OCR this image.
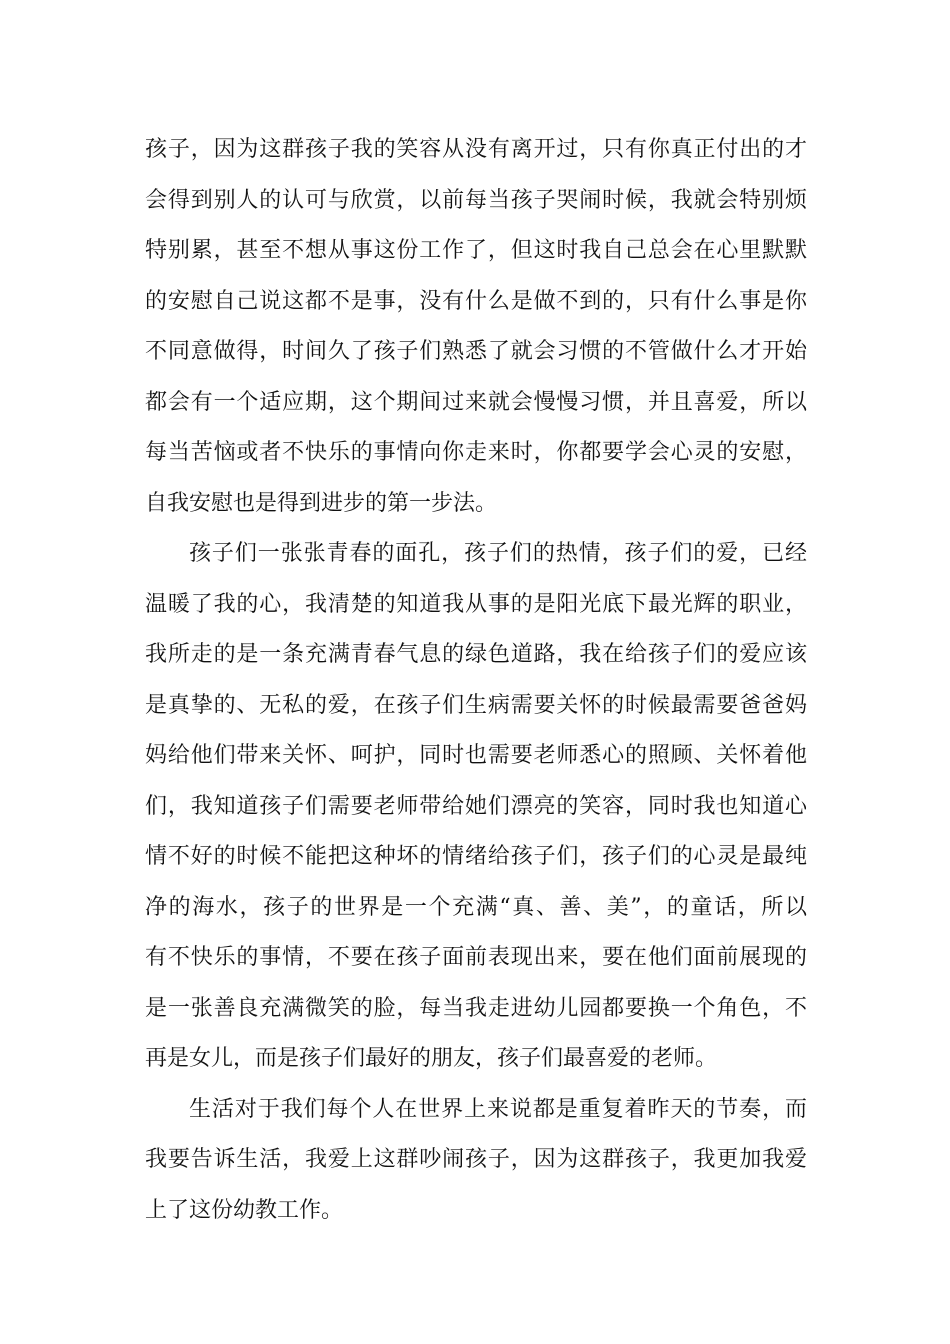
孩子，因为这群孩子我的笑容从没有离开过，只有你真正付出的才
会得到别人的认可与欣赏，以前每当孩子哭闹时候，我就会特别烦
特别累，甚至不想从事这份工作了，但这时我自己总会在心里默默
的安慰自己说这都不是事，没有什么是做不到的，只有什么事是你
不同意做得，时间久了孩子们熟悉了就会习惯的不管做什么才开始
都会有一个适应期，这个期间过来就会慢慢习惯，并且喜爱，所以
每当苦恼或者不快乐的事情向你走来时，你都要学会心灵的安慰，
自我安慰也是得到进步的第一步法。
孩子们一张张青春的面孔，孩子们的热情，孩子们的爱，已经
温暖了我的心，我清楚的知道我从事的是阳光底下最光辉的职业，
我所走的是一条充满青春气息的绿色道路，我在给孩子们的爱应该
是真挚的、无私的爱，在孩子们生病需要关怀的时候最需要爸爸妈
妈给他们带来关怀、呵护，同时也需要老师悉心的照顾、关怀着他
们，我知道孩子们需要老师带给她们漂亮的笑容，同时我也知道心
情不好的时候不能把这种坏的情绪给孩子们，孩子们的心灵是最纯
净的海水，孩子的世界是一个充满“真、善、美”，的童话，所以
有不快乐的事情，不要在孩子面前表现出来，要在他们面前展现的
是一张善良充满微笑的脸，每当我走进幼儿园都要换一个角色，不
再是女儿，而是孩子们最好的朋友，孩子们最喜爱的老师。
生活对于我们每个人在世界上来说都是重复着昨天的节奏，而
我要告诉生活，我爱上这群吵闹孩子，因为这群孩子，我更加我爱
上了这份幼教工作。
